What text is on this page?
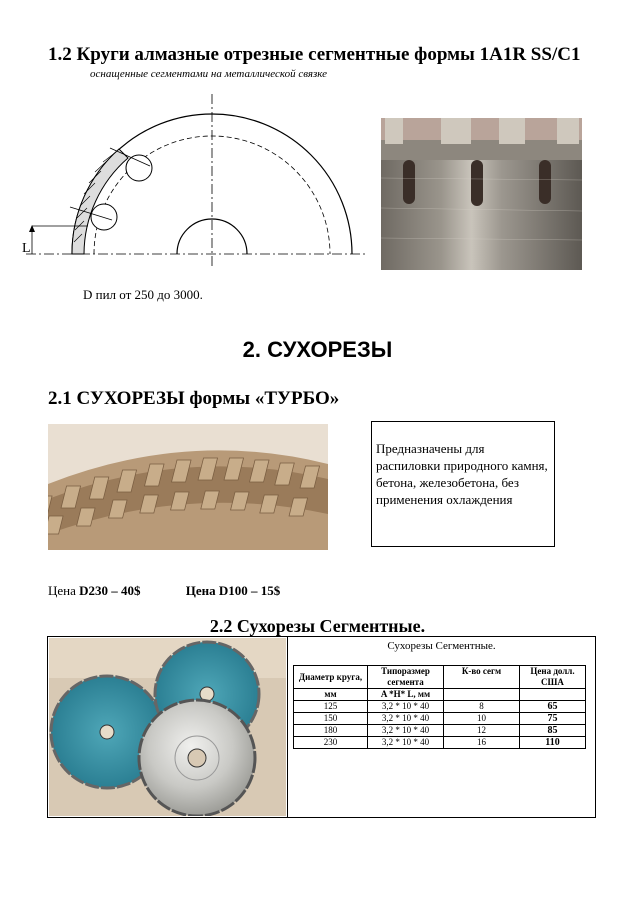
1.2 Круги алмазные отрезные сегментные формы 1А1R SS/C1
оснащенные сегментами на металлической связке
L
D пил от 250 до 3000.
2. СУХОРЕЗЫ
2.1 СУХОРЕЗЫ формы «ТУРБО»
Предназначены для распиловки природного камня, бетона, железобетона, без применения охлаждения
Цена D230 – 40$	Цена D100 – 15$
2.2 Сухорезы Сегментные.
Сухорезы Сегментные.
Диаметр круга,	Типоразмер сегмента	К-во сегм	Цена долл. США
мм	A *H* L, мм		
125	3,2 * 10 * 40	8	65
150	3,2 * 10 * 40	10	75
180	3,2 * 10 * 40	12	85
230	3,2 * 10 * 40	16	110
